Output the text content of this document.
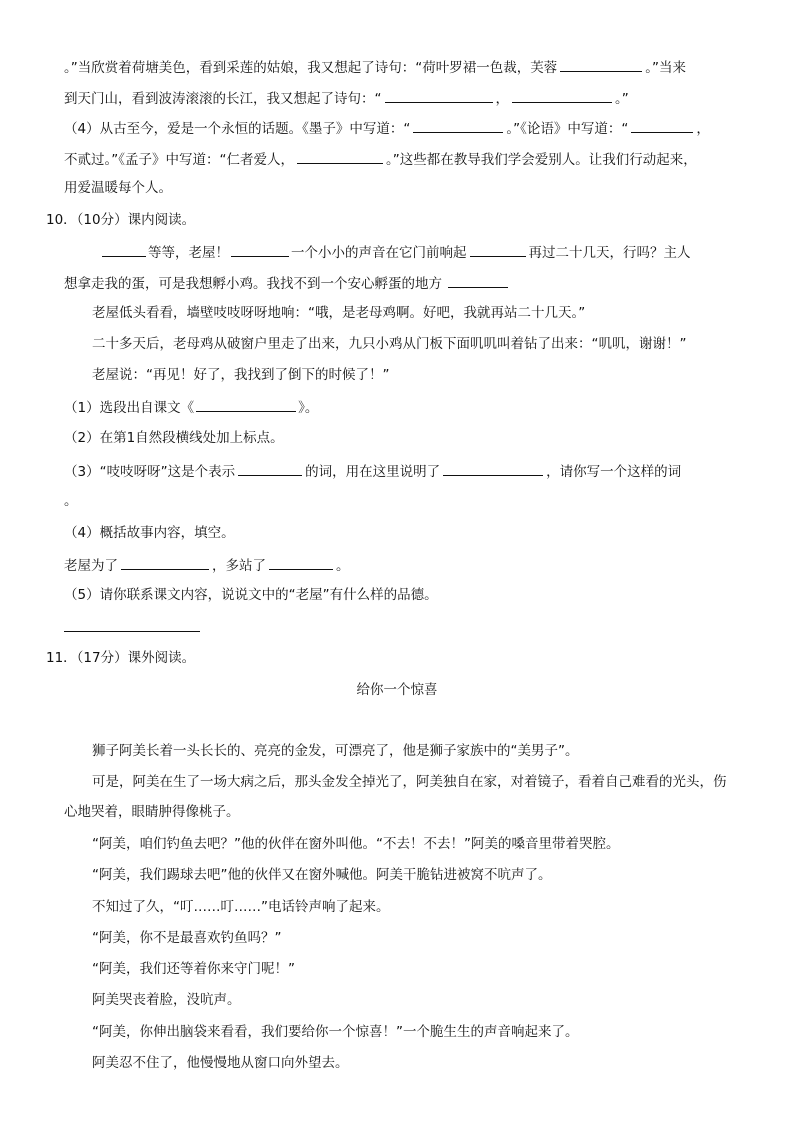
。”当欣赏着荷塘美色，看到采莲的姑娘，我又想起了诗句：“荷叶罗裙一色裁，芙蓉	。”当来
到天门山，看到波涛滚滚的长江，我又想起了诗句：“	，	。”
（4）从古至今，爱是一个永恒的话题。《墨子》中写道：“	。”《论语》中写道：“	，
不贰过。”《孟子》中写道：“仁者爱人，	。”这些都在教导我们学会爱别人。让我们行动起来，
用爱温暖每个人。
10．（10分）课内阅读。
等等，老屋！	一个小小的声音在它门前响起	再过二十几天，行吗？主人
想拿走我的蛋，可是我想孵小鸡。我找不到一个安心孵蛋的地方
老屋低头看看，墙壁吱吱呀呀地响：“哦，是老母鸡啊。好吧，我就再站二十几天。”
二十多天后，老母鸡从破窗户里走了出来，九只小鸡从门板下面叽叽叫着钻了出来：“叽叽，谢谢！”
老屋说：“再见！好了，我找到了倒下的时候了！”
（1）选段出自课文《	》。
（2）在第1自然段横线处加上标点。
（3）“吱吱呀呀”这是个表示	的词，用在这里说明了	，请你写一个这样的词
。
（4）概括故事内容，填空。
老屋为了	，多站了	。
（5）请你联系课文内容，说说文中的“老屋”有什么样的品德。
11．（17分）课外阅读。
给你一个惊喜
狮子阿美长着一头长长的、亮亮的金发，可漂亮了，他是狮子家族中的“美男子”。
可是，阿美在生了一场大病之后，那头金发全掉光了，阿美独自在家，对着镜子，看着自己难看的光头，伤
心地哭着，眼睛肿得像桃子。
“阿美，咱们钓鱼去吧？”他的伙伴在窗外叫他。“不去！不去！”阿美的嗓音里带着哭腔。
“阿美，我们踢球去吧”他的伙伴又在窗外喊他。阿美干脆钻进被窝不吭声了。
不知过了久，“叮……叮……”电话铃声响了起来。
“阿美，你不是最喜欢钓鱼吗？”
“阿美，我们还等着你来守门呢！”
阿美哭丧着脸，没吭声。
“阿美，你伸出脑袋来看看，我们要给你一个惊喜！”一个脆生生的声音响起来了。
阿美忍不住了，他慢慢地从窗口向外望去。
